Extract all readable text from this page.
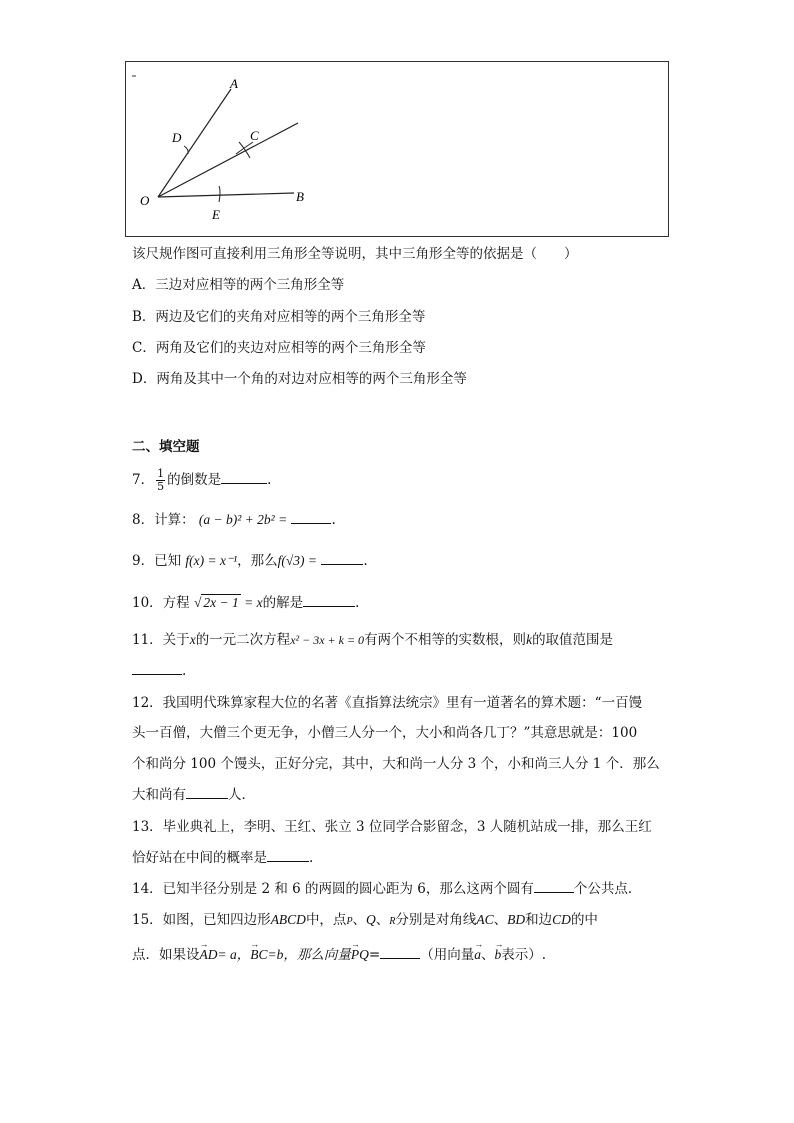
A
C
D
O	B
E
该尺规作图可直接利用三角形全等说明，其中三角形全等的依据是（　　）
A．三边对应相等的两个三角形全等
B．两边及它们的夹角对应相等的两个三角形全等
C．两角及它们的夹边对应相等的两个三角形全等
D．两角及其中一个角的对边对应相等的两个三角形全等
二、填空题
7． $\frac{1}{5}$ 的倒数是	.
8．计算： (a − b)² + 2b² =	.
9．已知 f(x) = x⁻¹，那么f(√3) =	.
10．方程 √ 2x − 1 = x的解是	.
11．关于x的一元二次方程x² − 3x + k = 0有两个不相等的实数根，则k的取值范围是
.
12．我国明代珠算家程大位的名著《直指算法统宗》里有一道著名的算术题：“一百馒
头一百僧，大僧三个更无争，小僧三人分一个，大小和尚各几丁？”其意思就是：100
个和尚分 100 个馒头，正好分完，其中，大和尚一人分 3 个，小和尚三人分 1 个．那么
大和尚有	人．
13．毕业典礼上，李明、王红、张立 3 位同学合影留念，3 人随机站成一排，那么王红
恰好站在中间的概率是	.
14．已知半径分别是 2 和 6 的两圆的圆心距为 6，那么这两个圆有	个公共点．
15．如图，已知四边形ABCD中，点P、Q、R分别是对角线AC、BD和边CD的中
点．如果设→ AD= a，→ BC=b，那么向量→ PQ=	（用向量→ a、→ b表示）.
